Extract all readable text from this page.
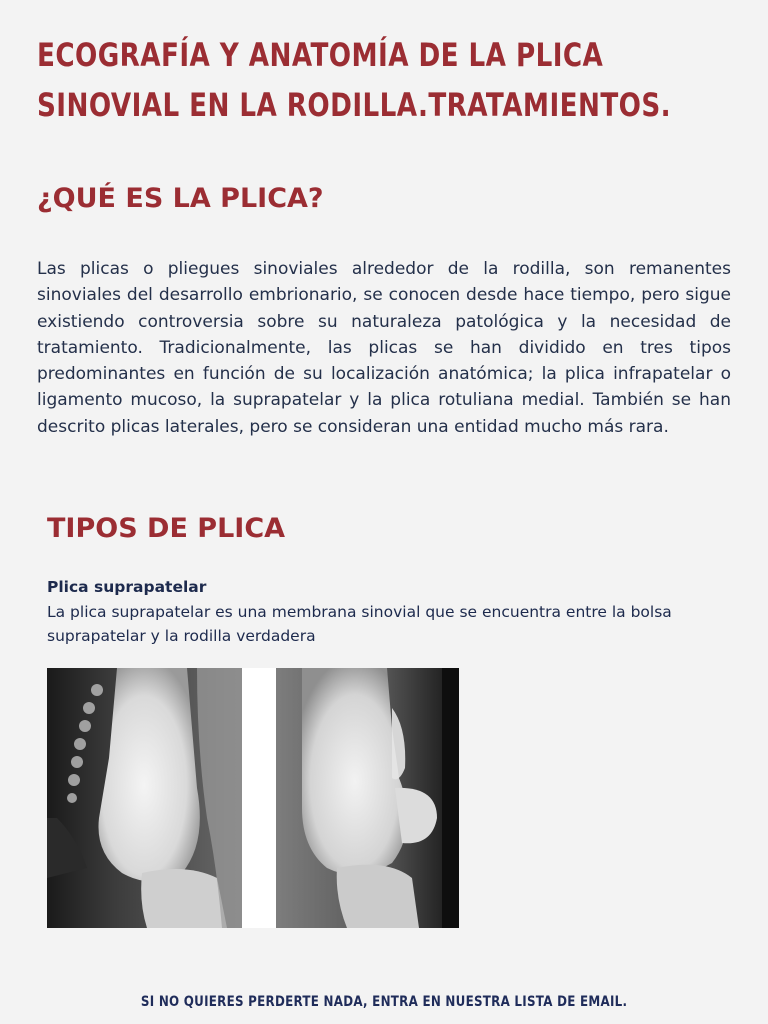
ECOGRAFÍA Y ANATOMÍA DE LA PLICA
SINOVIAL EN LA RODILLA.TRATAMIENTOS.
¿QUÉ ES LA PLICA?

Las plicas o pliegues sinoviales alrededor de la rodilla, son remanentes sinoviales del desarrollo embrionario, se conocen desde hace tiempo, pero sigue existiendo controversia sobre su naturaleza patológica y la necesidad de tratamiento. Tradicionalmente, las plicas se han dividido en tres tipos predominantes en función de su localización anatómica; la plica infrapatelar o ligamento mucoso, la suprapatelar y la plica rotuliana medial. También se han descrito plicas laterales, pero se consideran una entidad mucho más rara.

TIPOS DE PLICA

Plica suprapatelar

La plica suprapatelar es una membrana sinovial que se encuentra entre la bolsa suprapatelar y la rodilla verdadera

SI NO QUIERES PERDERTE NADA, ENTRA EN NUESTRA LISTA DE EMAIL.
